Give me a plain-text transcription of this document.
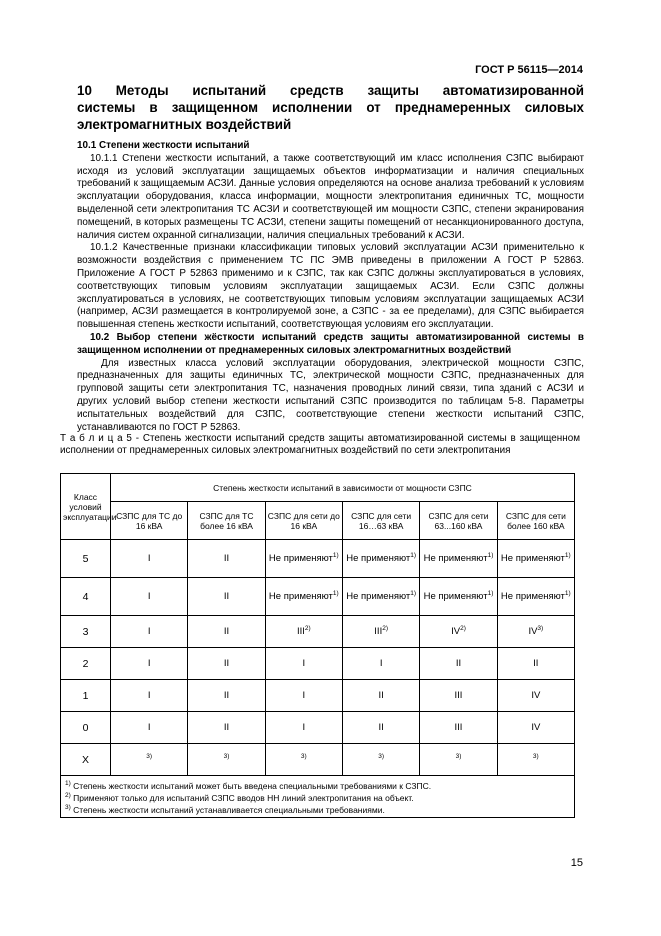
ГОСТ Р 56115—2014
10 Методы испытаний средств защиты автоматизированной
системы в защищенном исполнении от преднамеренных силовых
электромагнитных воздействий

10.1 Степени жесткости испытаний

10.1.1 Степени жесткости испытаний, а также соответствующий им класс исполнения СЗПС выбирают исходя из условий эксплуатации защищаемых объектов информатизации и наличия специальных требований к защищаемым АСЗИ. Данные условия определяются на основе анализа требований к условиям эксплуатации оборудования, класса информации, мощности электропитания единичных ТС, мощности выделенной сети электропитания ТС АСЗИ и соответствующей им мощности СЗПС, степени экранирования помещений, в которых размещены ТС АСЗИ, степени защиты помещений от несанкционированного доступа, наличия систем охранной сигнализации, наличия специальных требований к АСЗИ.

10.1.2 Качественные признаки классификации типовых условий эксплуатации АСЗИ применительно к возможности воздействия с применением ТС ПС ЭМВ приведены в приложении А ГОСТ Р 52863. Приложение А ГОСТ Р 52863 применимо и к СЗПС, так как СЗПС должны эксплуатироваться в условиях, соответствующих типовым условиям эксплуатации защищаемых АСЗИ. Если СЗПС должны эксплуатироваться в условиях, не соответствующих типовым условиям эксплуатации защищаемых АСЗИ (например, АСЗИ размещается в контролируемой зоне, а СЗПС - за ее пределами), для СЗПС выбирается повышенная степень жесткости испытаний, соответствующая условиям его эксплуатации.

10.2 Выбор степени жёсткости испытаний средств защиты автоматизированной системы в защищенном исполнении от преднамеренных силовых электромагнитных воздействий

Для известных класса условий эксплуатации оборудования, электрической мощности СЗПС, предназначенных для защиты единичных ТС, электрической мощности СЗПС, предназначенных для групповой защиты сети электропитания ТС, назначения проводных линий связи, типа зданий с АСЗИ и других условий выбор степени жесткости испытаний СЗПС производится по таблицам 5-8. Параметры испытательных воздействий для СЗПС, соответствующие степени жесткости испытаний СЗПС, устанавливаются по ГОСТ Р 52863.

Т а б л и ц а 5 - Степень жесткости испытаний средств защиты автоматизированной системы в защищенном исполнении от преднамеренных силовых электромагнитных воздействий по сети электропитания
Класс условий эксплуатации	Степень жесткости испытаний в зависимости от мощности СЗПС					
	СЗПС для ТС до 16 кВА	СЗПС для ТС более 16 кВА	СЗПС для сети до 16 кВА	СЗПС для сети 16…63 кВА	СЗПС для сети 63...160 кВА	СЗПС для сети более 160 кВА
5	I	II	Не применяют$^{1)}$	Не применяют$^{1)}$	Не применяют$^{1)}$	Не применяют$^{1)}$
4	I	II	Не применяют$^{1)}$	Не применяют$^{1)}$	Не применяют$^{1)}$	Не применяют$^{1)}$
3	I	II	III$^{2)}$	III$^{2)}$	IV$^{2)}$	IV$^{3)}$
2	I	II	I	I	II	II
1	I	II	I	II	III	IV
0	I	II	I	II	III	IV
X	$^{3)}$	$^{3)}$	$^{3)}$	$^{3)}$	$^{3)}$	$^{3)}$

$^{1)}$ Степень жесткости испытаний может быть введена специальными требованиями к СЗПС.
$^{2)}$ Применяют только для испытаний СЗПС вводов НН линий электропитания на объект.
$^{3)}$ Степень жесткости испытаний устанавливается специальными требованиями.						
15
